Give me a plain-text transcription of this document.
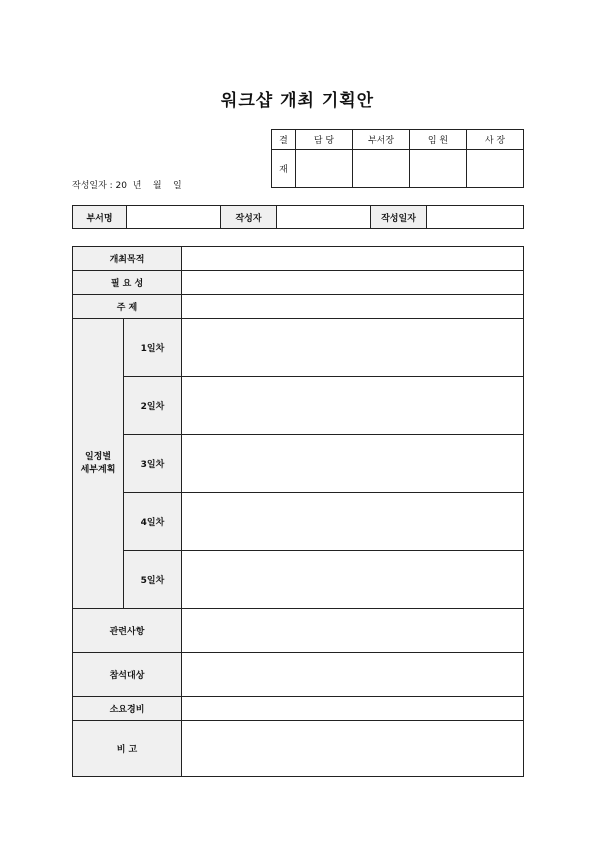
워크샵 개최 기획안
작성일자 : 20  년    월    일
결	담 당	부서장	임 원	사 장
재				
부서명		작성자		작성일자	
개최목적		
필 요 성		
주 제		
일정별
세부계획	1일차	
	2일차	
	3일차	
	4일차	
	5일차	
관련사항		
참석대상		
소요경비		
비 고		
